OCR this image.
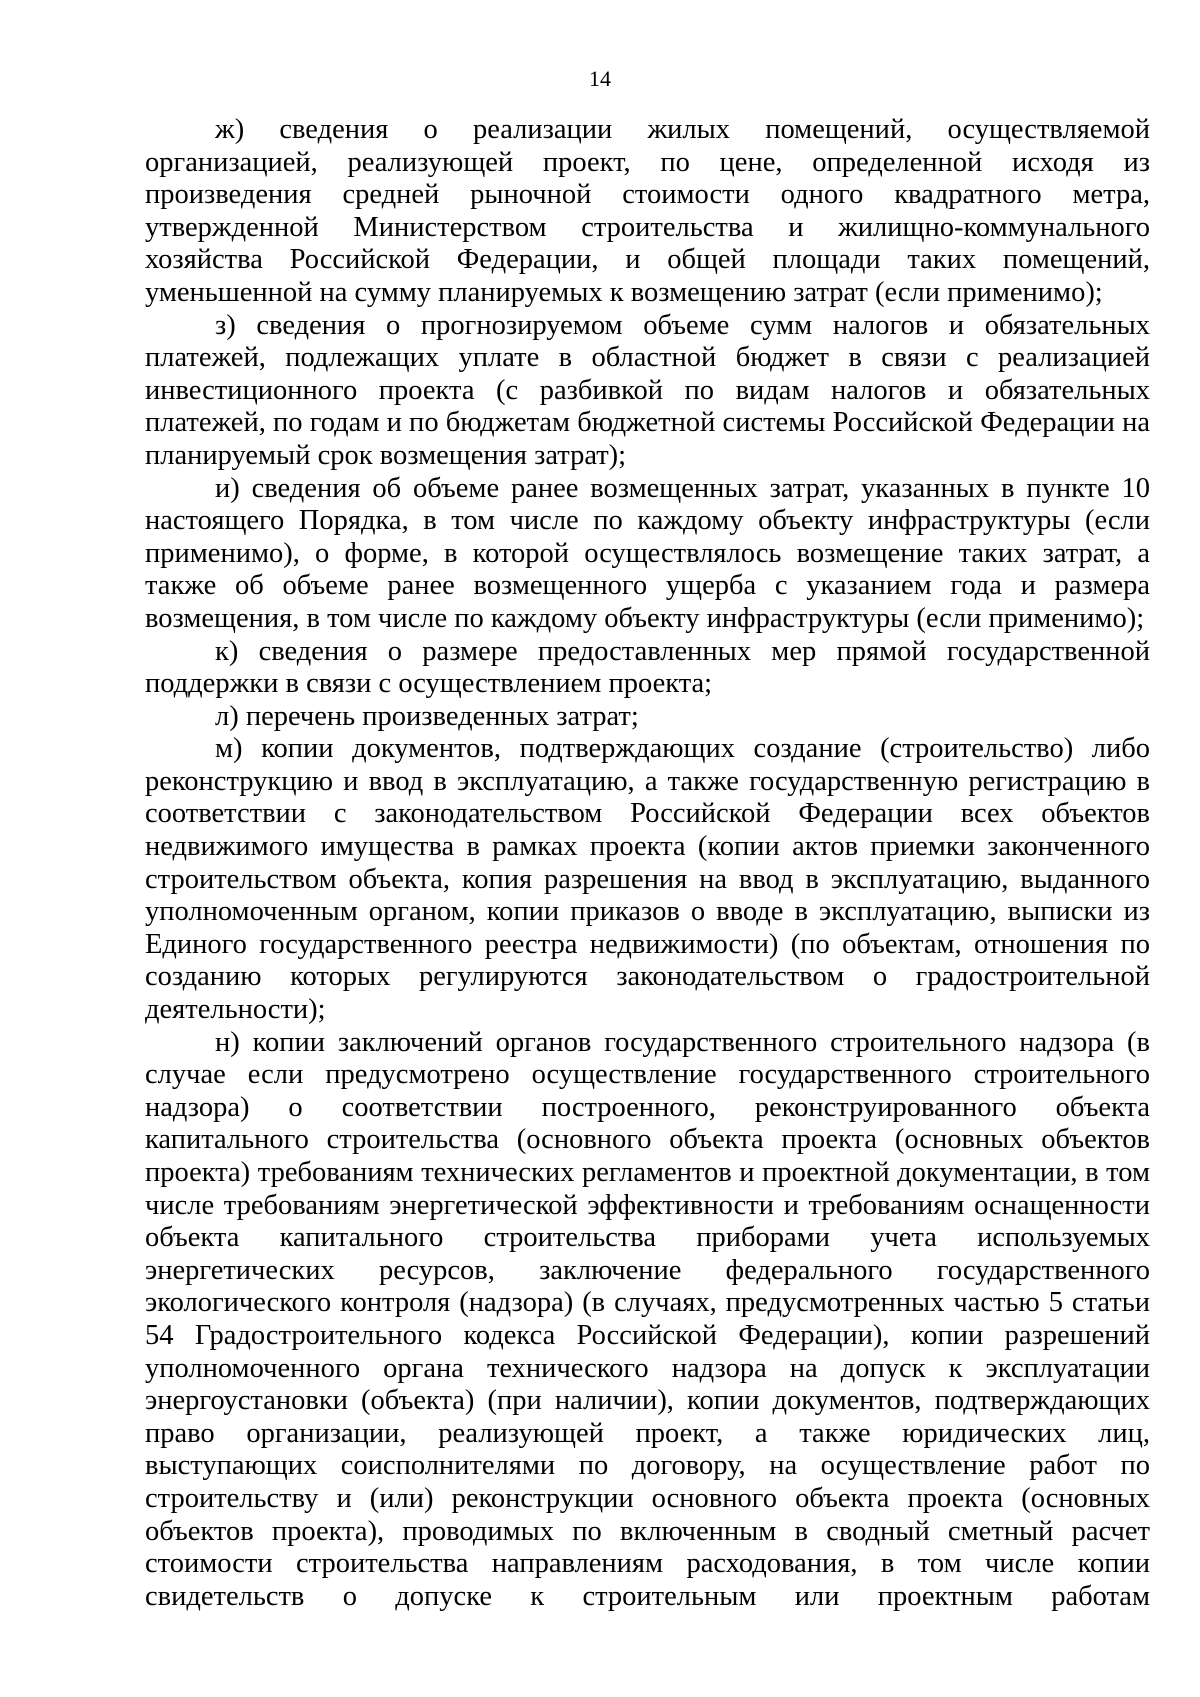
14

ж) сведения о реализации жилых помещений, осуществляемой организацией, реализующей проект, по цене, определенной исходя из произведения средней рыночной стоимости одного квадратного метра, утвержденной Министерством строительства и жилищно-коммунального хозяйства Российской Федерации, и общей площади таких помещений, уменьшенной на сумму планируемых к возмещению затрат (если применимо);

з) сведения о прогнозируемом объеме сумм налогов и обязательных платежей, подлежащих уплате в областной бюджет в связи с реализацией инвестиционного проекта (с разбивкой по видам налогов и обязательных платежей, по годам и по бюджетам бюджетной системы Российской Федерации на планируемый срок возмещения затрат);

и) сведения об объеме ранее возмещенных затрат, указанных в пункте 10 настоящего Порядка, в том числе по каждому объекту инфраструктуры (если применимо), о форме, в которой осуществлялось возмещение таких затрат, а также об объеме ранее возмещенного ущерба с указанием года и размера возмещения, в том числе по каждому объекту инфраструктуры (если применимо);

к) сведения о размере предоставленных мер прямой государственной поддержки в связи с осуществлением проекта;

л) перечень произведенных затрат;

м) копии документов, подтверждающих создание (строительство) либо реконструкцию и ввод в эксплуатацию, а также государственную регистрацию в соответствии с законодательством Российской Федерации всех объектов недвижимого имущества в рамках проекта (копии актов приемки законченного строительством объекта, копия разрешения на ввод в эксплуатацию, выданного уполномоченным органом, копии приказов о вводе в эксплуатацию, выписки из Единого государственного реестра недвижимости) (по объектам, отношения по созданию которых регулируются законодательством о градостроительной деятельности);

н) копии заключений органов государственного строительного надзора (в случае если предусмотрено осуществление государственного строительного надзора) о соответствии построенного, реконструированного объекта капитального строительства (основного объекта проекта (основных объектов проекта) требованиям технических регламентов и проектной документации, в том числе требованиям энергетической эффективности и требованиям оснащенности объекта капитального строительства приборами учета используемых энергетических ресурсов, заключение федерального государственного экологического контроля (надзора) (в случаях, предусмотренных частью 5 статьи 54 Градостроительного кодекса Российской Федерации), копии разрешений уполномоченного органа технического надзора на допуск к эксплуатации энергоустановки (объекта) (при наличии), копии документов, подтверждающих право организации, реализующей проект, а также юридических лиц, выступающих соисполнителями по договору, на осуществление работ по строительству и (или) реконструкции основного объекта проекта (основных объектов проекта), проводимых по включенным в сводный сметный расчет стоимости строительства направлениям расходования, в том числе копии свидетельств о допуске к строительным или проектным работам
